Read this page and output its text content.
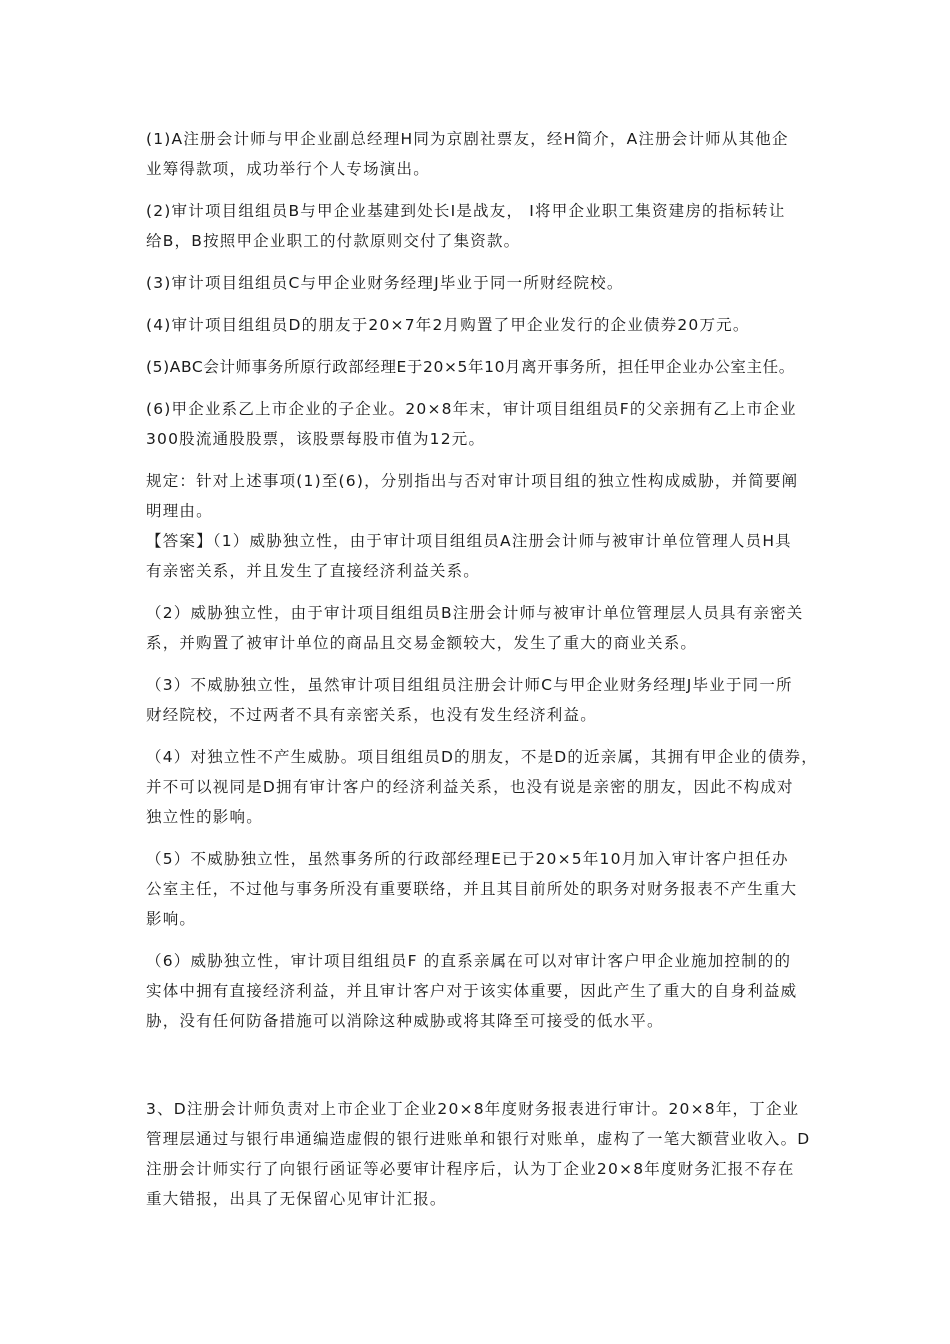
(1)A注册会计师与甲企业副总经理H同为京剧社票友，经H简介，A注册会计师从其他企
业筹得款项，成功举行个人专场演出。
(2)审计项目组组员B与甲企业基建到处长I是战友， I将甲企业职工集资建房的指标转让
给B，B按照甲企业职工的付款原则交付了集资款。
(3)审计项目组组员C与甲企业财务经理J毕业于同一所财经院校。
(4)审计项目组组员D的朋友于20×7年2月购置了甲企业发行的企业债券20万元。
(5)ABC会计师事务所原行政部经理E于20×5年10月离开事务所，担任甲企业办公室主任。
(6)甲企业系乙上市企业的子企业。20×8年末，审计项目组组员F的父亲拥有乙上市企业
300股流通股股票，该股票每股市值为12元。
规定：针对上述事项(1)至(6)，分别指出与否对审计项目组的独立性构成威胁，并简要阐
明理由。
【答案】（1）威胁独立性，由于审计项目组组员A注册会计师与被审计单位管理人员H具
有亲密关系，并且发生了直接经济利益关系。
（2）威胁独立性，由于审计项目组组员B注册会计师与被审计单位管理层人员具有亲密关
系，并购置了被审计单位的商品且交易金额较大，发生了重大的商业关系。
（3）不威胁独立性，虽然审计项目组组员注册会计师C与甲企业财务经理J毕业于同一所
财经院校，不过两者不具有亲密关系，也没有发生经济利益。
（4）对独立性不产生威胁。项目组组员D的朋友，不是D的近亲属，其拥有甲企业的债券，
并不可以视同是D拥有审计客户的经济利益关系，也没有说是亲密的朋友，因此不构成对
独立性的影响。
（5）不威胁独立性，虽然事务所的行政部经理E已于20×5年10月加入审计客户担任办
公室主任，不过他与事务所没有重要联络，并且其目前所处的职务对财务报表不产生重大
影响。
（6）威胁独立性，审计项目组组员F 的直系亲属在可以对审计客户甲企业施加控制的的
实体中拥有直接经济利益，并且审计客户对于该实体重要，因此产生了重大的自身利益威
胁，没有任何防备措施可以消除这种威胁或将其降至可接受的低水平。
3、D注册会计师负责对上市企业丁企业20×8年度财务报表进行审计。20×8年，丁企业
管理层通过与银行串通编造虚假的银行进账单和银行对账单，虚构了一笔大额营业收入。D
注册会计师实行了向银行函证等必要审计程序后，认为丁企业20×8年度财务汇报不存在
重大错报，出具了无保留心见审计汇报。
